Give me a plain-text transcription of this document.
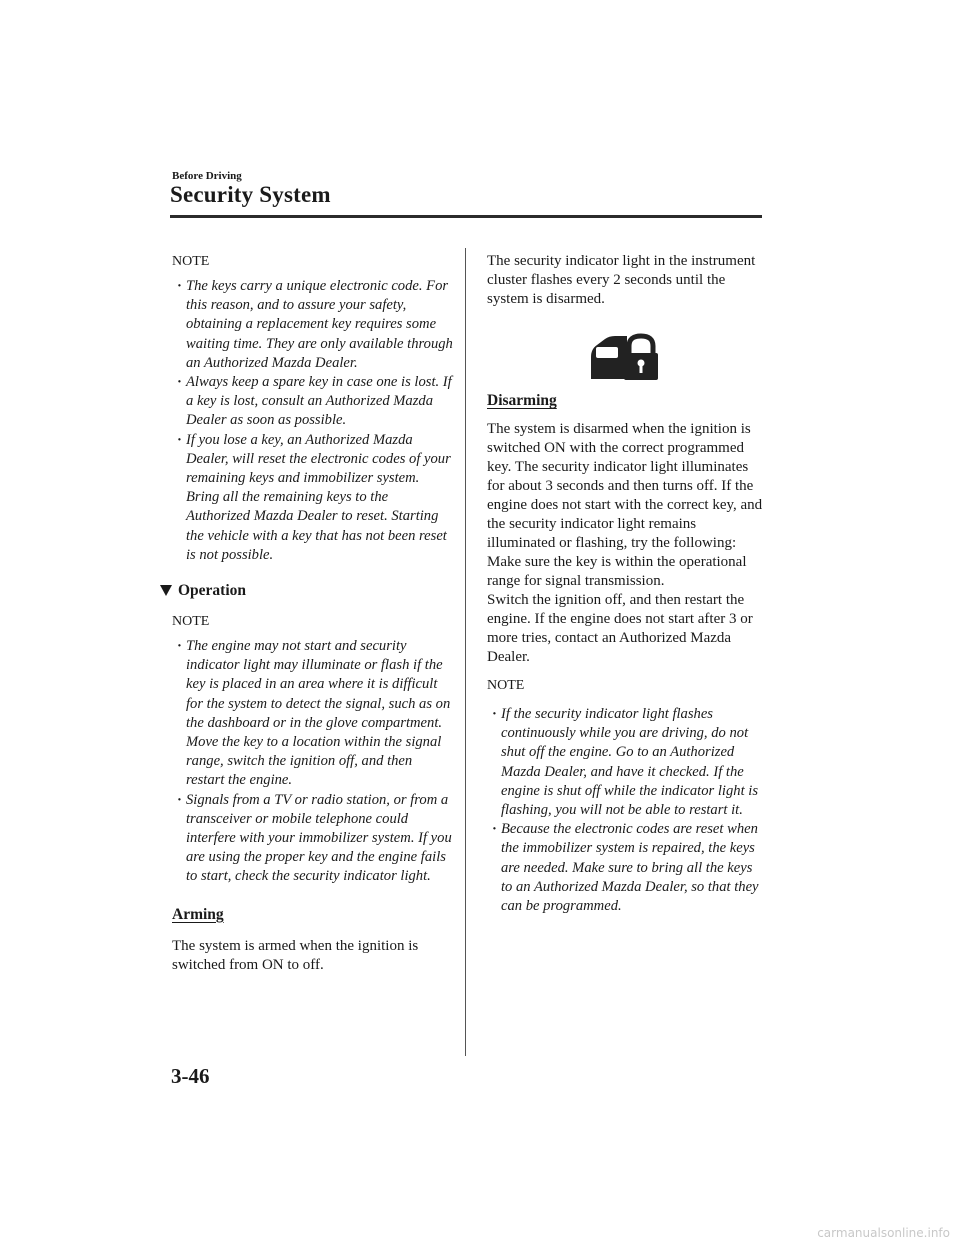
Before Driving
Security System

NOTE

· The keys carry a unique electronic code. For this reason, and to assure your safety, obtaining a replacement key requires some waiting time. They are only available through an Authorized Mazda Dealer.
· Always keep a spare key in case one is lost. If a key is lost, consult an Authorized Mazda Dealer as soon as possible.
· If you lose a key, an Authorized Mazda Dealer, will reset the electronic codes of your remaining keys and immobilizer system. Bring all the remaining keys to the Authorized Mazda Dealer to reset. Starting the vehicle with a key that has not been reset is not possible.
Operation

NOTE

· The engine may not start and security indicator light may illuminate or flash if the key is placed in an area where it is difficult for the system to detect the signal, such as on the dashboard or in the glove compartment. Move the key to a location within the signal range, switch the ignition off, and then restart the engine.
· Signals from a TV or radio station, or from a transceiver or mobile telephone could interfere with your immobilizer system. If you are using the proper key and the engine fails to start, check the security indicator light.
Arming

The system is armed when the ignition is switched from ON to off.

The security indicator light in the instrument cluster flashes every 2 seconds until the system is disarmed.

Disarming

The system is disarmed when the ignition is switched ON with the correct programmed key. The security indicator light illuminates for about 3 seconds and then turns off. If the engine does not start with the correct key, and the security indicator light remains illuminated or flashing, try the following:

Make sure the key is within the operational range for signal transmission.

Switch the ignition off, and then restart the engine. If the engine does not start after 3 or more tries, contact an Authorized Mazda Dealer.

NOTE

· If the security indicator light flashes continuously while you are driving, do not shut off the engine. Go to an Authorized Mazda Dealer, and have it checked. If the engine is shut off while the indicator light is flashing, you will not be able to restart it.
· Because the electronic codes are reset when the immobilizer system is repaired, the keys are needed. Make sure to bring all the keys to an Authorized Mazda Dealer, so that they can be programmed.
3-46
carmanualsonline.info
